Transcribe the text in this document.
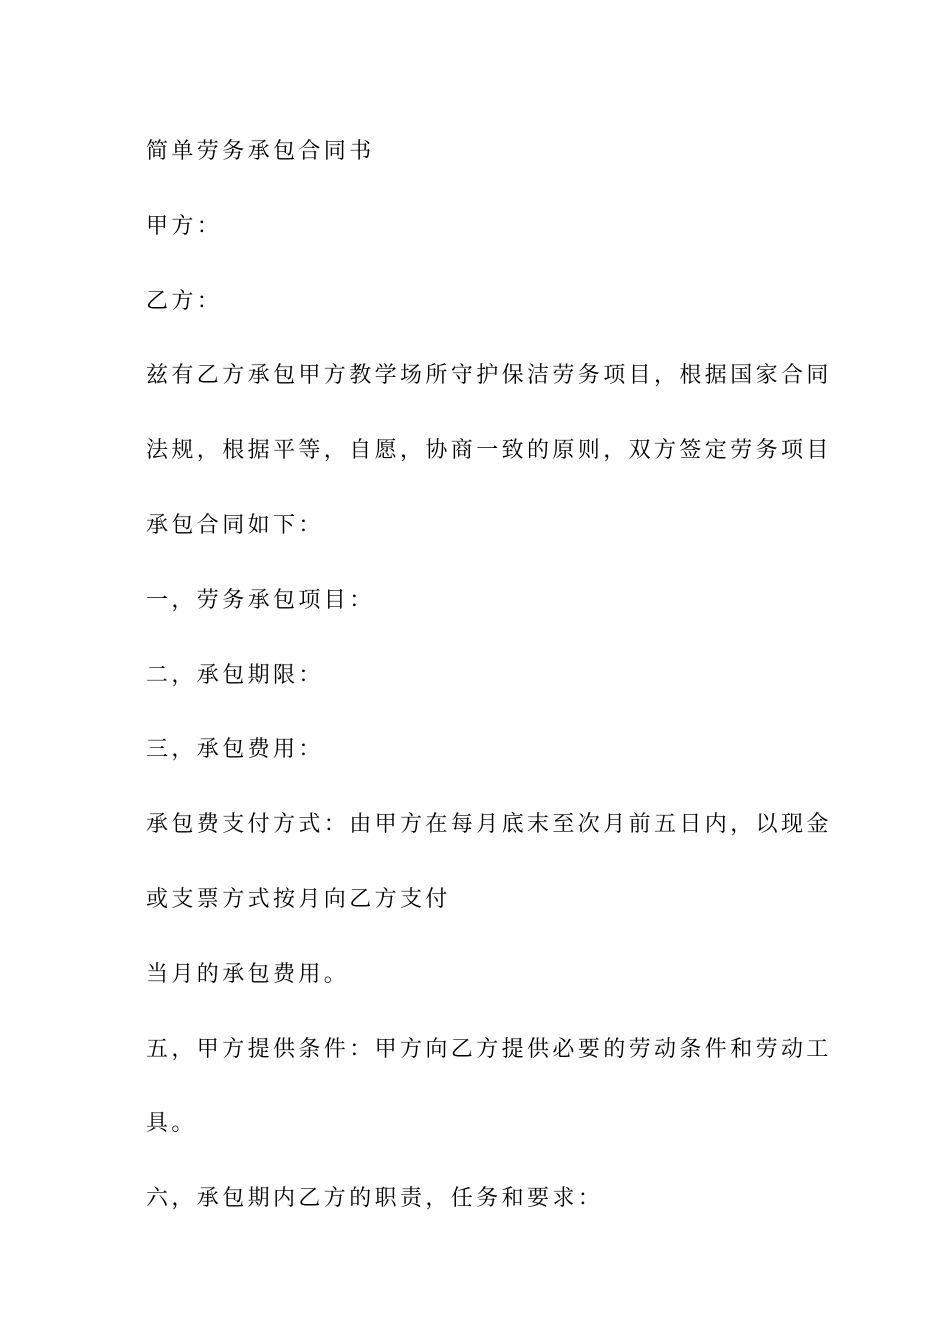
简单劳务承包合同书
甲方：
乙方：
兹有乙方承包甲方教学场所守护保洁劳务项目，根据国家合同
法规，根据平等，自愿，协商一致的原则，双方签定劳务项目
承包合同如下：
一，劳务承包项目：
二，承包期限：
三，承包费用：
承包费支付方式：由甲方在每月底末至次月前五日内，以现金
或支票方式按月向乙方支付
当月的承包费用。
五，甲方提供条件：甲方向乙方提供必要的劳动条件和劳动工
具。
六，承包期内乙方的职责，任务和要求：
